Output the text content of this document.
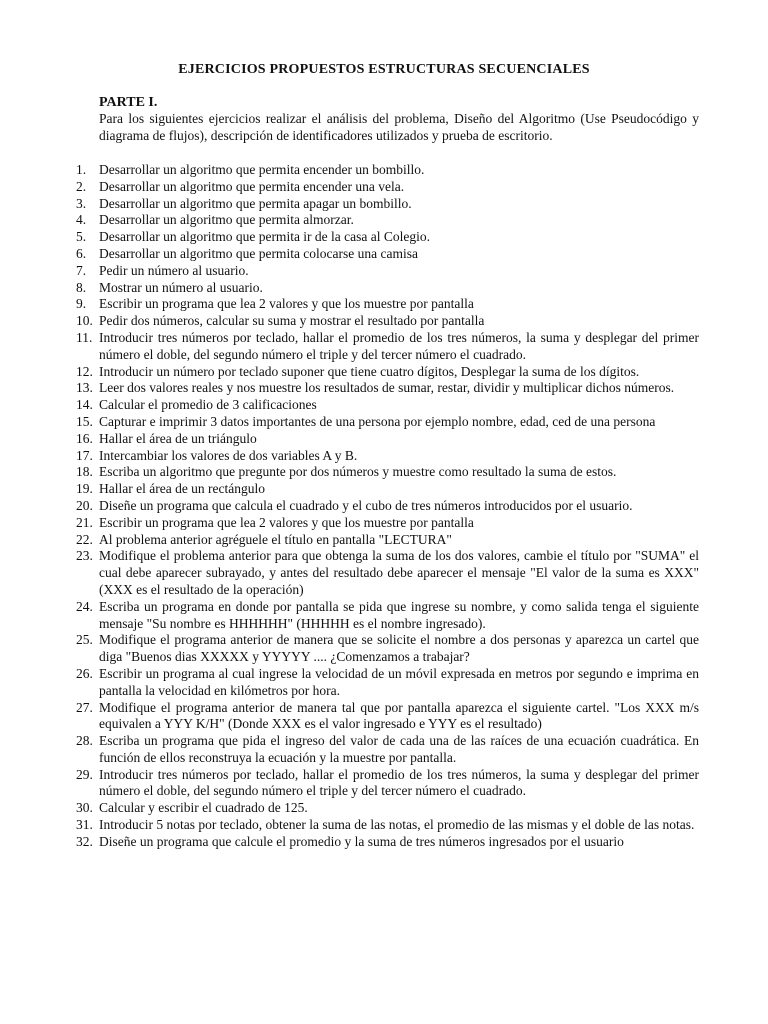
EJERCICIOS PROPUESTOS ESTRUCTURAS SECUENCIALES
PARTE I.
Para los siguientes ejercicios realizar el análisis del problema, Diseño del Algoritmo (Use Pseudocódigo y diagrama de flujos), descripción de identificadores utilizados y prueba de escritorio.
1. Desarrollar un algoritmo que permita encender un bombillo.
2. Desarrollar un algoritmo que permita encender una vela.
3. Desarrollar un algoritmo que permita apagar un bombillo.
4. Desarrollar un algoritmo que permita almorzar.
5. Desarrollar un algoritmo que permita ir de la casa al Colegio.
6. Desarrollar un algoritmo que permita colocarse una camisa
7. Pedir un número al usuario.
8. Mostrar un número al usuario.
9. Escribir un programa que lea 2 valores y que los muestre por pantalla
10. Pedir dos números, calcular su suma y mostrar el resultado por pantalla
11. Introducir tres números por teclado, hallar el promedio de los tres números, la suma y desplegar del primer número el doble, del segundo número el triple y del tercer número el cuadrado.
12. Introducir un número por teclado suponer que tiene cuatro dígitos, Desplegar la suma de los dígitos.
13. Leer dos valores reales y nos muestre los resultados de sumar, restar, dividir y multiplicar dichos números.
14. Calcular el promedio de 3 calificaciones
15. Capturar e imprimir 3 datos importantes de una persona por ejemplo nombre, edad, ced de una persona
16. Hallar el área de un triángulo
17. Intercambiar los valores de dos variables A y B.
18. Escriba un algoritmo que pregunte por dos números y muestre como resultado la suma de estos.
19. Hallar el área de un rectángulo
20. Diseñe un programa que calcula el cuadrado y el cubo de tres números introducidos por el usuario.
21. Escribir un programa que lea 2 valores y que los muestre por pantalla
22. Al problema anterior agréguele el título en pantalla "LECTURA"
23. Modifique el problema anterior para que obtenga la suma de los dos valores, cambie el título por "SUMA" el cual debe aparecer subrayado, y antes del resultado debe aparecer el mensaje "El valor de la suma es XXX" (XXX es el resultado de la operación)
24. Escriba un programa en donde por pantalla se pida que ingrese su nombre, y como salida tenga el siguiente mensaje "Su nombre es HHHHHH" (HHHHH es el nombre ingresado).
25. Modifique el programa anterior de manera que se solicite el nombre a dos personas y aparezca un cartel que diga "Buenos dias XXXXX y YYYYY .... ¿Comenzamos a trabajar?
26. Escribir un programa al cual ingrese la velocidad de un móvil expresada en metros por segundo e imprima en pantalla la velocidad en kilómetros por hora.
27. Modifique el programa anterior de manera tal que por pantalla aparezca el siguiente cartel. "Los XXX m/s equivalen a YYY K/H" (Donde XXX es el valor ingresado e YYY es el resultado)
28. Escriba un programa que pida el ingreso del valor de cada una de las raíces de una ecuación cuadrática. En función de ellos reconstruya la ecuación y la muestre por pantalla.
29. Introducir tres números por teclado, hallar el promedio de los tres números, la suma y desplegar del primer número el doble, del segundo número el triple y del tercer número el cuadrado.
30. Calcular y escribir el cuadrado de 125.
31. Introducir 5 notas por teclado, obtener la suma de las notas, el promedio de las mismas y el doble de las notas.
32. Diseñe un programa que calcule el promedio y la suma de tres números ingresados por el usuario
